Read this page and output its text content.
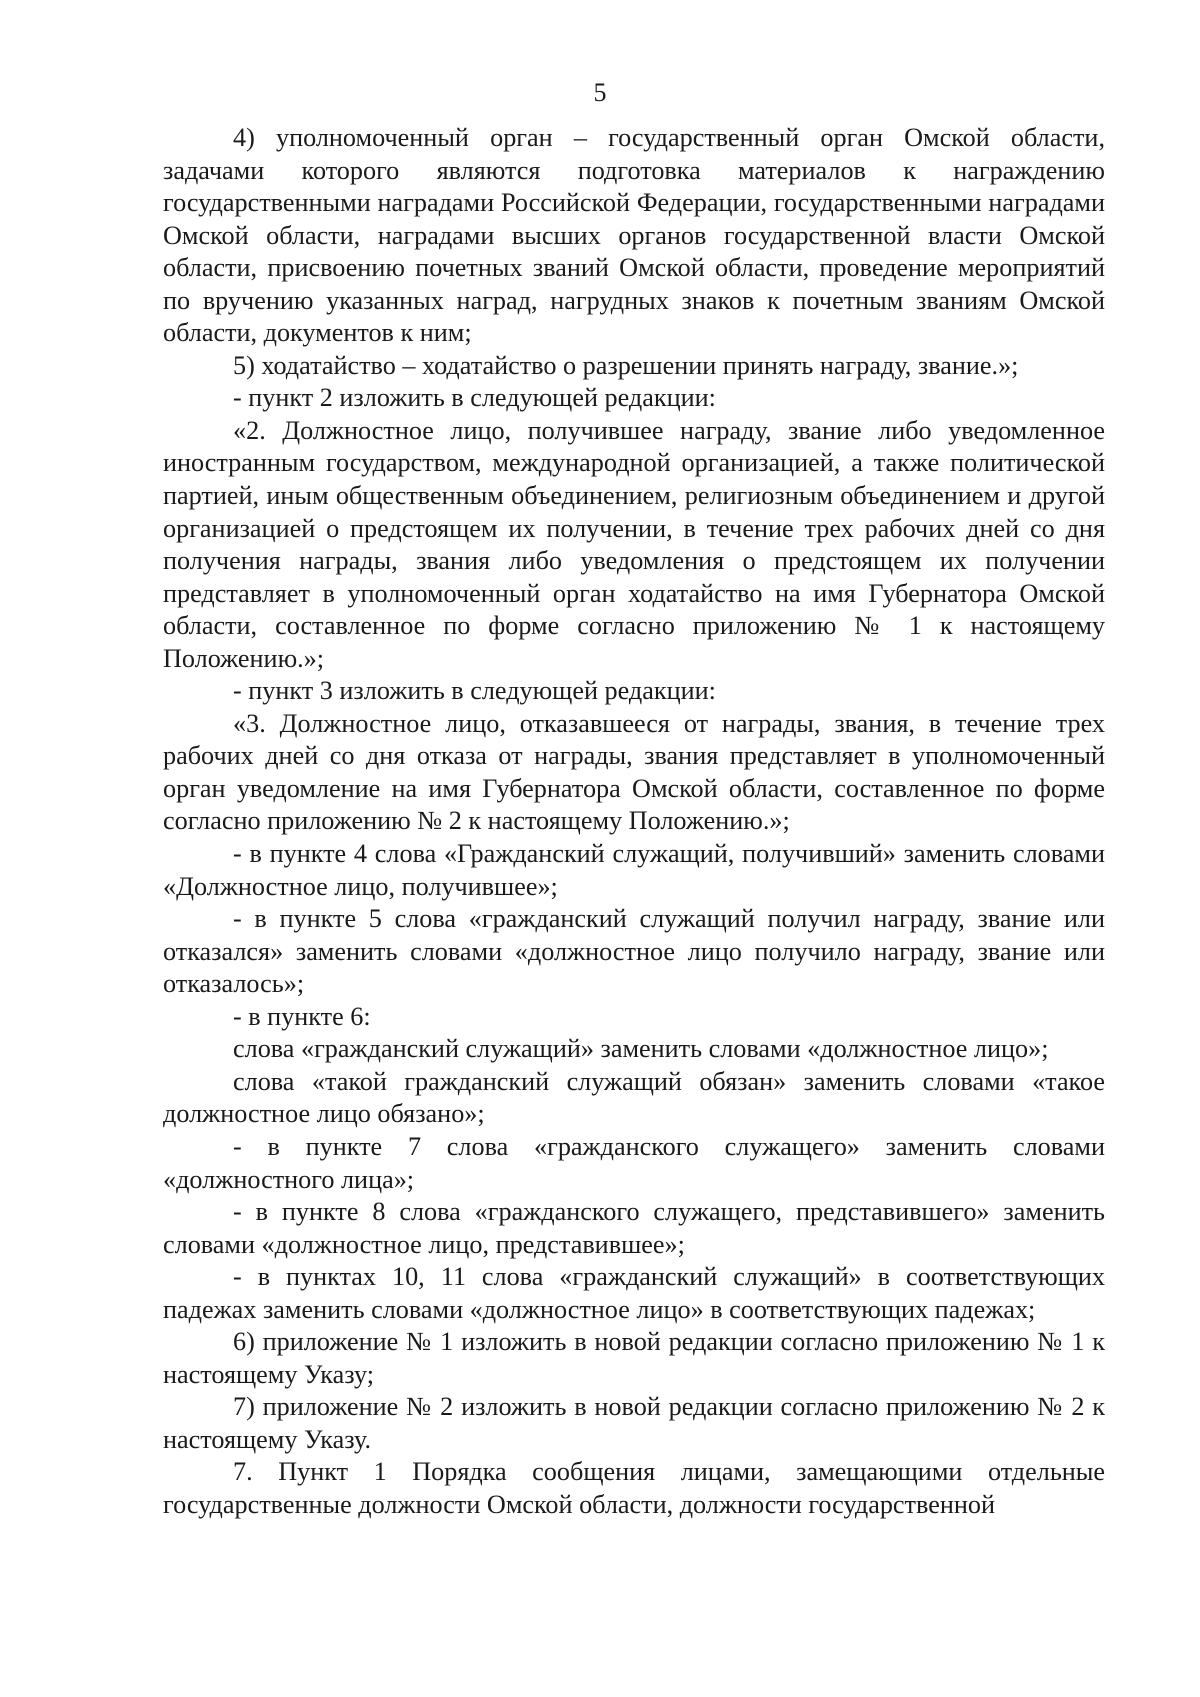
5

4) уполномоченный орган – государственный орган Омской области, задачами которого являются подготовка материалов к награждению государственными наградами Российской Федерации, государственными наградами Омской области, наградами высших органов государственной власти Омской области, присвоению почетных званий Омской области, проведение мероприятий по вручению указанных наград, нагрудных знаков к почетным званиям Омской области, документов к ним;

5) ходатайство – ходатайство о разрешении принять награду, звание.»;

- пункт 2 изложить в следующей редакции:

«2. Должностное лицо, получившее награду, звание либо уведомленное иностранным государством, международной организацией, а также политической партией, иным общественным объединением, религиозным объединением и другой организацией о предстоящем их получении, в течение трех рабочих дней со дня получения награды, звания либо уведомления о предстоящем их получении представляет в уполномоченный орган ходатайство на имя Губернатора Омской области, составленное по форме согласно приложению № 1 к настоящему Положению.»;

- пункт 3 изложить в следующей редакции:

«3. Должностное лицо, отказавшееся от награды, звания, в течение трех рабочих дней со дня отказа от награды, звания представляет в уполномоченный орган уведомление на имя Губернатора Омской области, составленное по форме согласно приложению № 2 к настоящему Положению.»;

- в пункте 4 слова «Гражданский служащий, получивший» заменить словами «Должностное лицо, получившее»;

- в пункте 5 слова «гражданский служащий получил награду, звание или отказался» заменить словами «должностное лицо получило награду, звание или отказалось»;

- в пункте 6:

слова «гражданский служащий» заменить словами «должностное лицо»;

слова «такой гражданский служащий обязан» заменить словами «такое должностное лицо обязано»;

- в пункте 7 слова «гражданского служащего» заменить словами «должностного лица»;

- в пункте 8 слова «гражданского служащего, представившего» заменить словами «должностное лицо, представившее»;

- в пунктах 10, 11 слова «гражданский служащий» в соответствующих падежах заменить словами «должностное лицо» в соответствующих падежах;

6) приложение № 1 изложить в новой редакции согласно приложению № 1 к настоящему Указу;

7) приложение № 2 изложить в новой редакции согласно приложению № 2 к настоящему Указу.

7. Пункт 1 Порядка сообщения лицами, замещающими отдельные государственные должности Омской области, должности государственной
